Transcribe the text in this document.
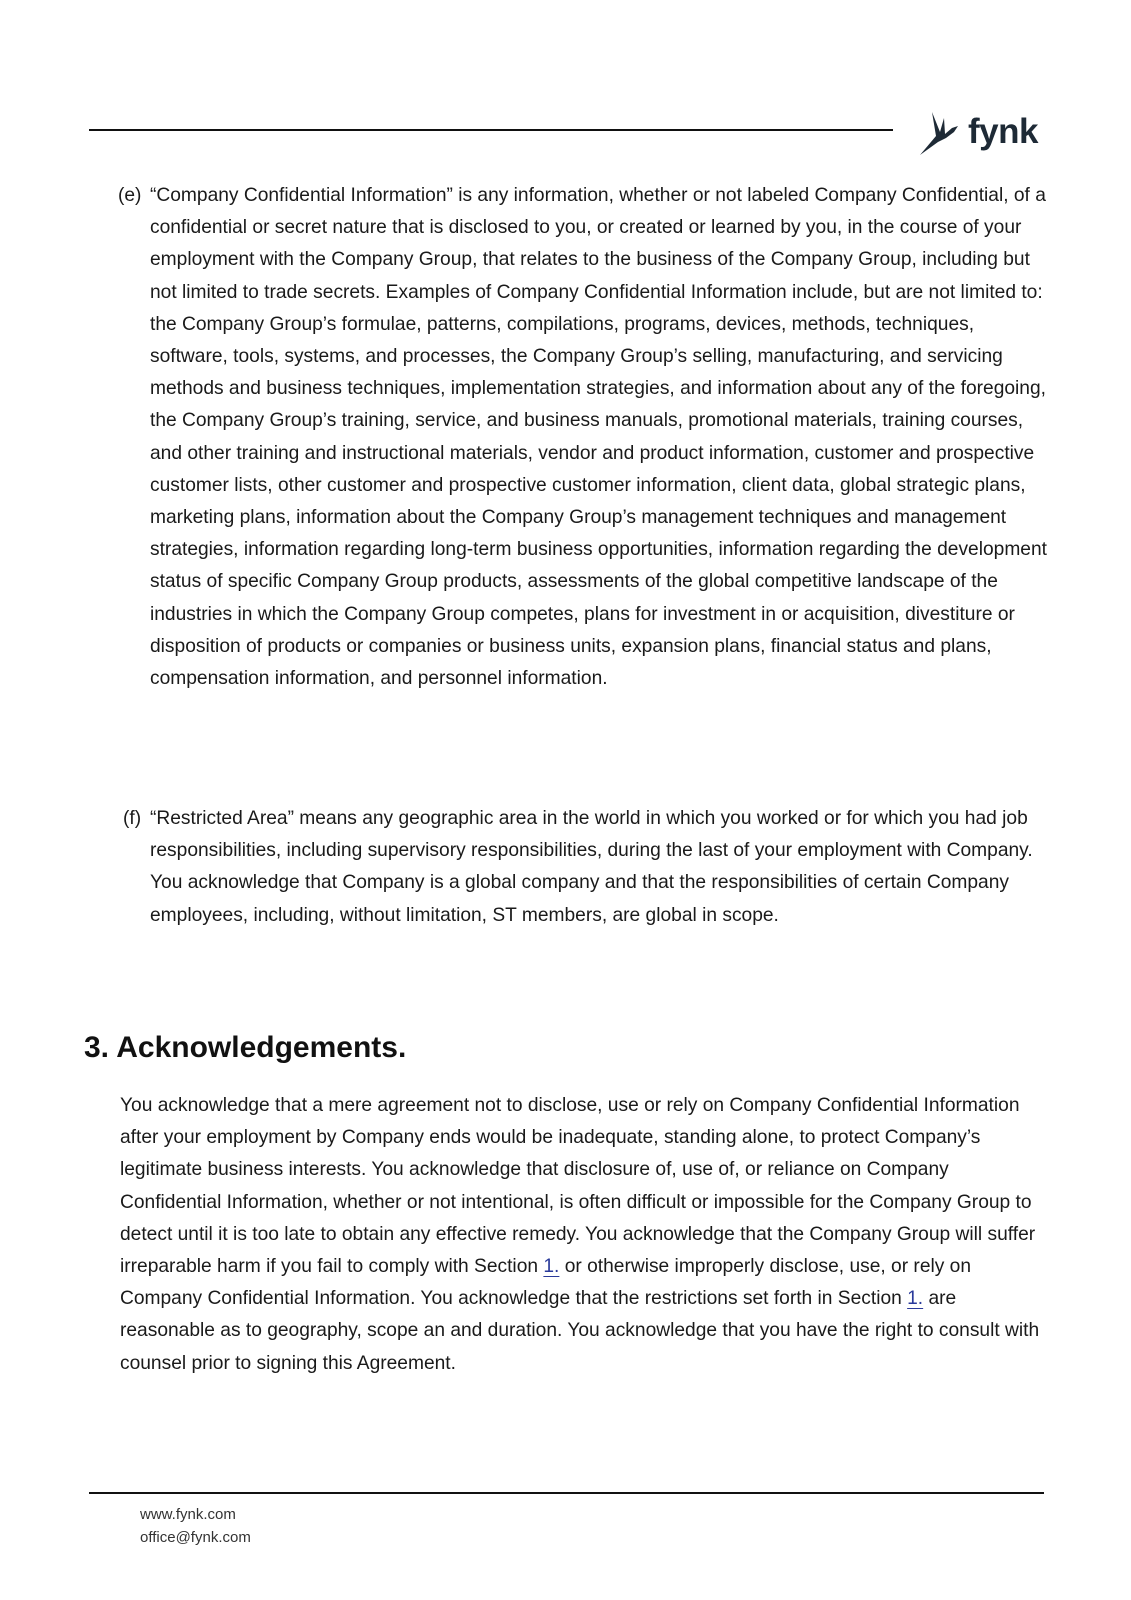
fynk
(e) “Company Confidential Information” is any information, whether or not labeled Company Confidential, of a confidential or secret nature that is disclosed to you, or created or learned by you, in the course of your employment with the Company Group, that relates to the business of the Company Group, including but not limited to trade secrets. Examples of Company Confidential Information include, but are not limited to: the Company Group’s formulae, patterns, compilations, programs, devices, methods, techniques, software, tools, systems, and processes, the Company Group’s selling, manufacturing, and servicing methods and business techniques, implementation strategies, and information about any of the foregoing, the Company Group’s training, service, and business manuals, promotional materials, training courses, and other training and instructional materials, vendor and product information, customer and prospective customer lists, other customer and prospective customer information, client data, global strategic plans, marketing plans, information about the Company Group’s management techniques and management strategies, information regarding long-term business opportunities, information regarding the development status of specific Company Group products, assessments of the global competitive landscape of the industries in which the Company Group competes, plans for investment in or acquisition, divestiture or disposition of products or companies or business units, expansion plans, financial status and plans, compensation information, and personnel information.
(f) “Restricted Area” means any geographic area in the world in which you worked or for which you had job responsibilities, including supervisory responsibilities, during the last of your employment with Company. You acknowledge that Company is a global company and that the responsibilities of certain Company employees, including, without limitation, ST members, are global in scope.
3. Acknowledgements.

You acknowledge that a mere agreement not to disclose, use or rely on Company Confidential Information after your employment by Company ends would be inadequate, standing alone, to protect Company’s legitimate business interests. You acknowledge that disclosure of, use of, or reliance on Company Confidential Information, whether or not intentional, is often difficult or impossible for the Company Group to detect until it is too late to obtain any effective remedy. You acknowledge that the Company Group will suffer irreparable harm if you fail to comply with Section 1. or otherwise improperly disclose, use, or rely on Company Confidential Information. You acknowledge that the restrictions set forth in Section 1. are reasonable as to geography, scope an and duration. You acknowledge that you have the right to consult with counsel prior to signing this Agreement.

www.fynk.com
office@fynk.com
